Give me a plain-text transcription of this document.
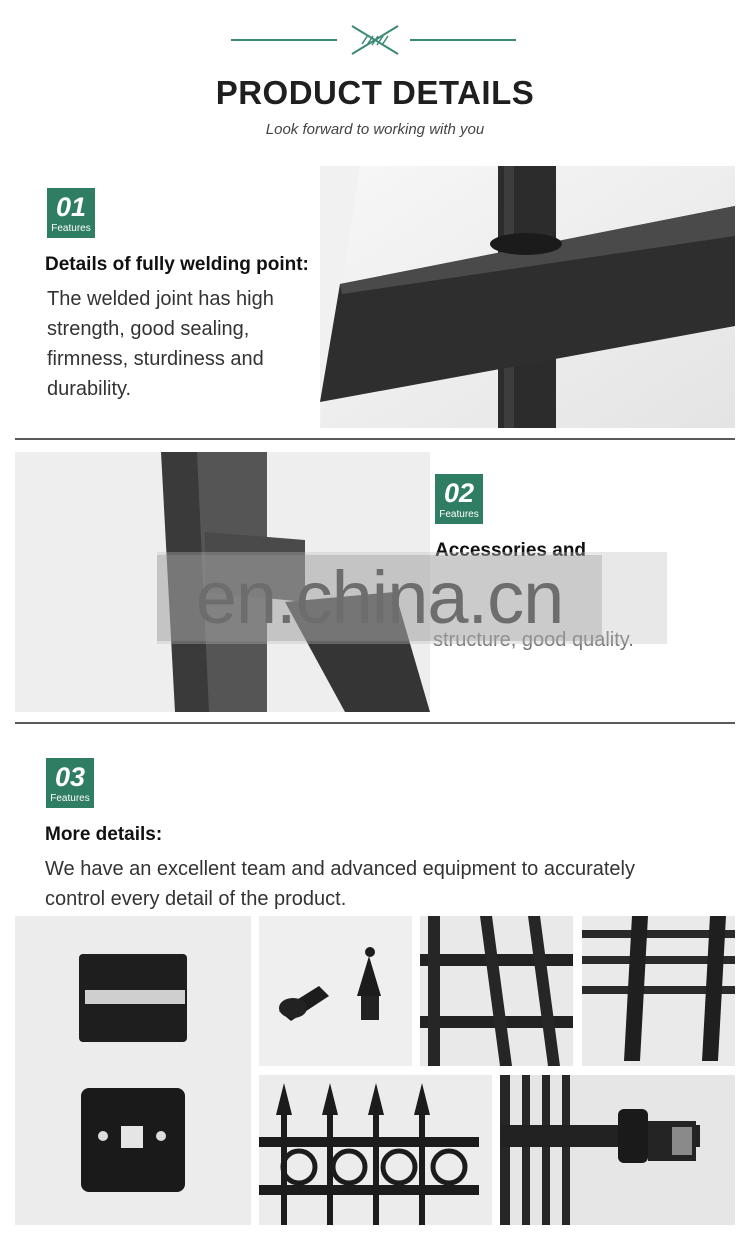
PRODUCT DETAILS
Look forward to working with you
01
Features
Details of fully welding point:
The welded joint has high
strength, good sealing,
firmness, sturdiness and
durability.
02
Features
Accessories and
structure, good quality.
en.china.cn
03
Features
More details:
We have an excellent team and advanced equipment to accurately
control every detail of the product.
